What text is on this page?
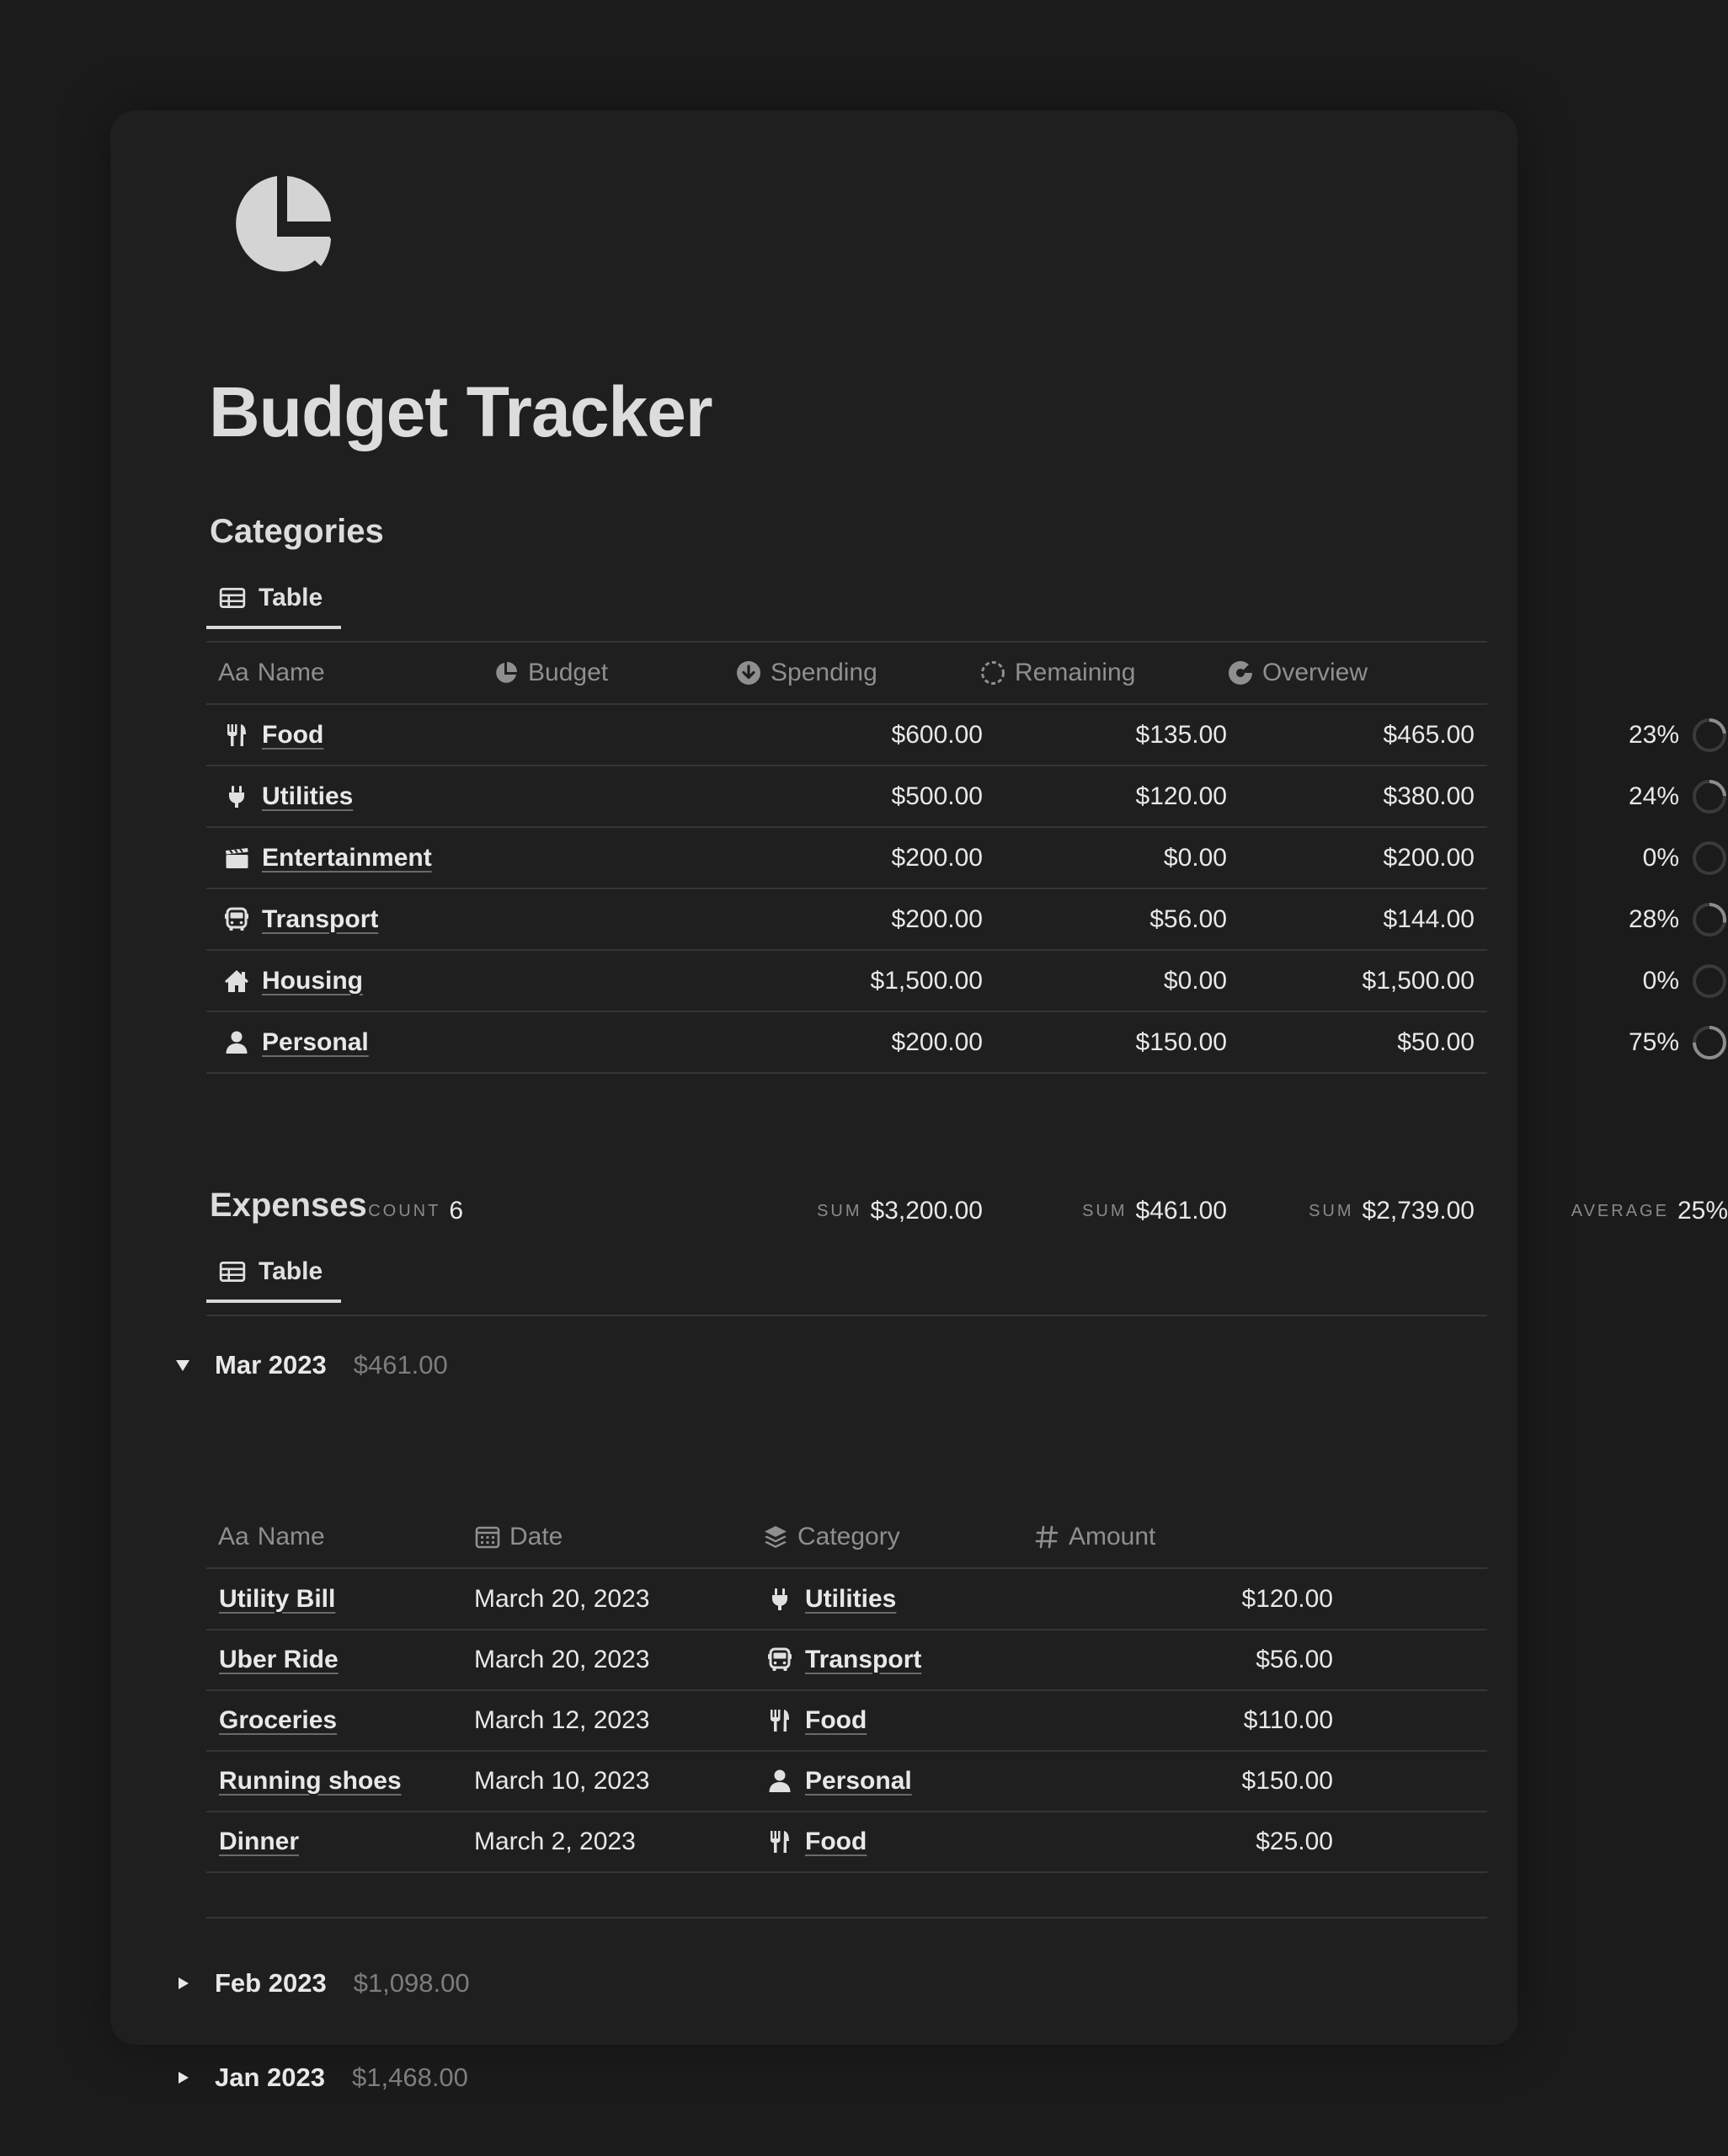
Budget Tracker
Categories
Table
Aa Name	Budget	Spending	Remaining	Overview
Food	$600.00	$135.00	$465.00	23%
Utilities	$500.00	$120.00	$380.00	24%
Entertainment	$200.00	$0.00	$200.00	0%
Transport	$200.00	$56.00	$144.00	28%
Housing	$1,500.00	$0.00	$1,500.00	0%
Personal	$200.00	$150.00	$50.00	75%
COUNT 6	SUM $3,200.00	SUM $461.00	SUM $2,739.00	AVERAGE 25%
Expenses
Table
Mar 2023 $461.00
Aa Name	Date	Category	Amount
Utility Bill	March 20, 2023	Utilities	$120.00
Uber Ride	March 20, 2023	Transport	$56.00
Groceries	March 12, 2023	Food	$110.00
Running shoes	March 10, 2023	Personal	$150.00
Dinner	March 2, 2023	Food	$25.00
Feb 2023 $1,098.00
Jan 2023 $1,468.00
